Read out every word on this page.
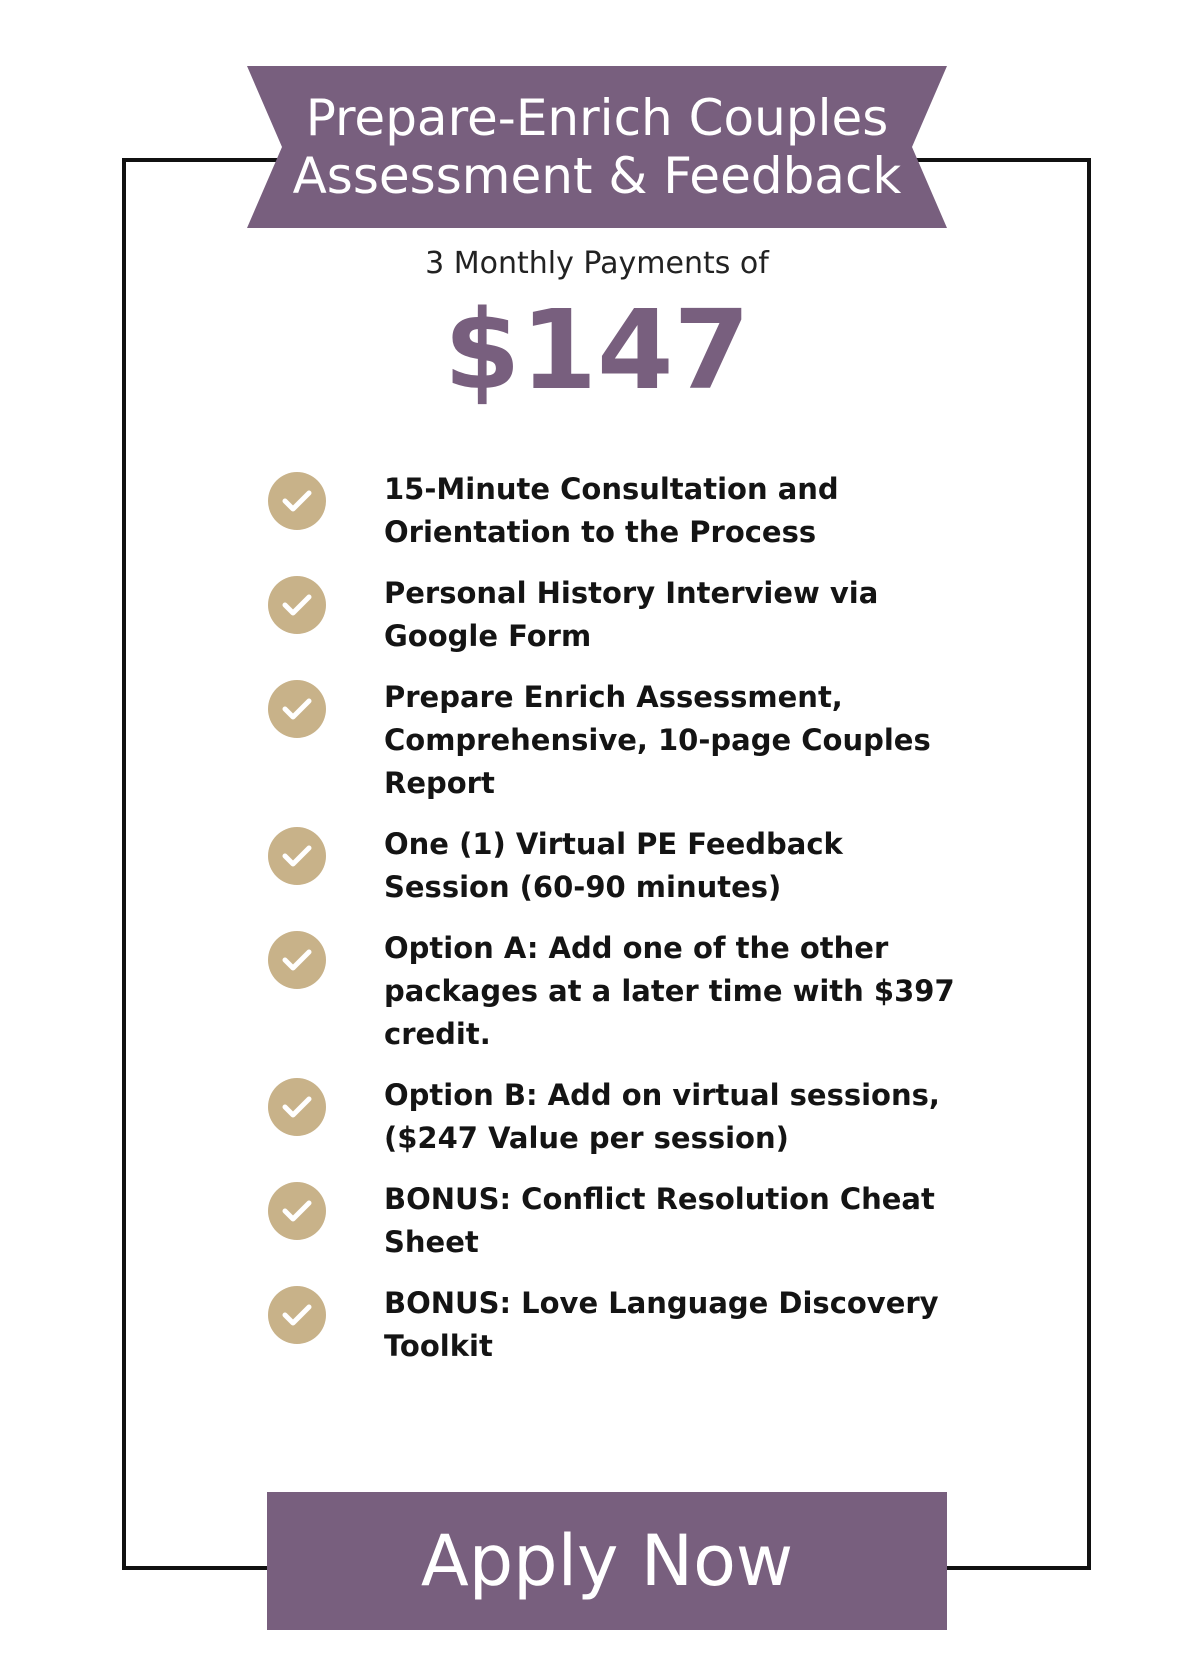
Prepare-Enrich Couples
Assessment & Feedback
3 Monthly Payments of
$147
15-Minute Consultation and Orientation to the Process
Personal History Interview via Google Form
Prepare Enrich Assessment, Comprehensive, 10-page Couples Report
One (1) Virtual PE Feedback Session (60-90 minutes)
Option A: Add one of the other packages at a later time with $397 credit.
Option B: Add on virtual sessions, ($247 Value per session)
BONUS: Conflict Resolution Cheat Sheet
BONUS: Love Language Discovery Toolkit
Apply Now
